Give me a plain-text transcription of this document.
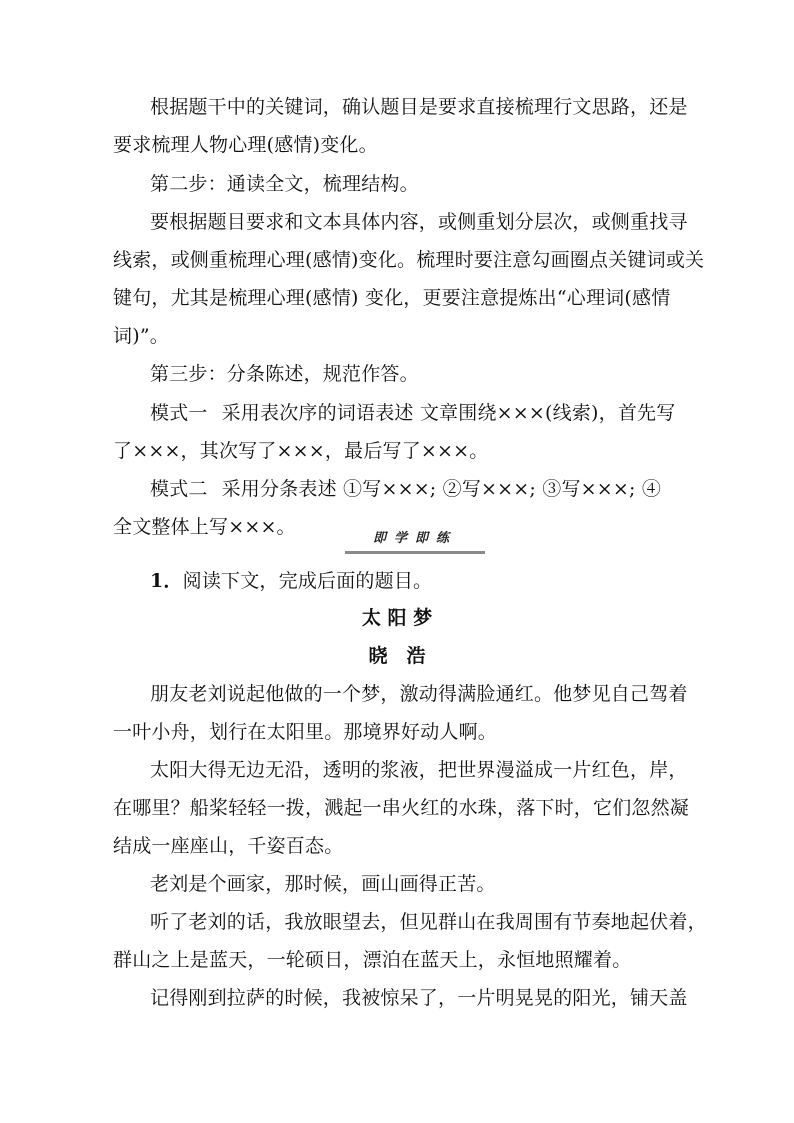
根据题干中的关键词，确认题目是要求直接梳理行文思路，还是
要求梳理人物心理(感情)变化。
第二步：通读全文，梳理结构。
要根据题目要求和文本具体内容，或侧重划分层次，或侧重找寻
线索，或侧重梳理心理(感情)变化。梳理时要注意勾画圈点关键词或关
键句，尤其是梳理心理(感情) 变化，更要注意提炼出“心理词(感情
词)”。
第三步：分条陈述，规范作答。
模式一 采用表次序的词语表述 文章围绕×××(线索)，首先写
了×××，其次写了×××，最后写了×××。
模式二 采用分条表述 ①写×××; ②写×××; ③写×××; ④
全文整体上写×××。
即学即练
1．阅读下文，完成后面的题目。
太 阳 梦
晓　浩
朋友老刘说起他做的一个梦，激动得满脸通红。他梦见自己驾着
一叶小舟，划行在太阳里。那境界好动人啊。
太阳大得无边无沿，透明的浆液，把世界漫溢成一片红色，岸，
在哪里？船桨轻轻一拨，溅起一串火红的水珠，落下时，它们忽然凝
结成一座座山，千姿百态。
老刘是个画家，那时候，画山画得正苦。
听了老刘的话，我放眼望去，但见群山在我周围有节奏地起伏着，
群山之上是蓝天，一轮硕日，漂泊在蓝天上，永恒地照耀着。
记得刚到拉萨的时候，我被惊呆了，一片明晃晃的阳光，铺天盖
